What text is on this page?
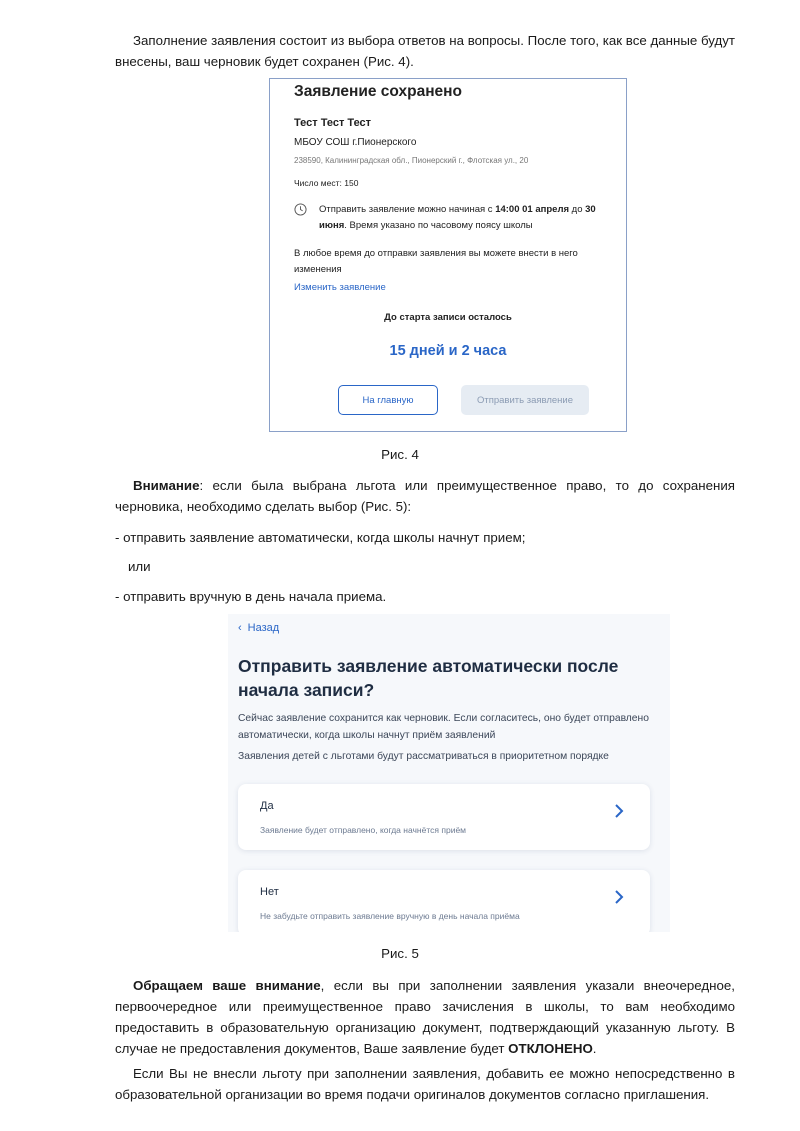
Заполнение заявления состоит из выбора ответов на вопросы. После того, как все данные будут внесены, ваш черновик будет сохранен (Рис. 4).
Заявление сохранено
Тест Тест Тест
МБОУ СОШ г.Пионерского
238590, Калининградская обл., Пионерский г., Флотская ул., 20
Число мест: 150
Отправить заявление можно начиная с 14:00 01 апреля до 30 июня. Время указано по часовому поясу школы
В любое время до отправки заявления вы можете внести в него изменения
Изменить заявление
До старта записи осталось
15 дней и 2 часа
На главную	Отправить заявление
Рис. 4
Внимание: если была выбрана льгота или преимущественное право, то до сохранения черновика, необходимо сделать выбор (Рис. 5):
- отправить заявление автоматически, когда школы начнут прием;
или
- отправить вручную в день начала приема.
‹ Назад
Отправить заявление автоматически после начала записи?
Сейчас заявление сохранится как черновик. Если согласитесь, оно будет отправлено автоматически, когда школы начнут приём заявлений
Заявления детей с льготами будут рассматриваться в приоритетном порядке
Да
Заявление будет отправлено, когда начнётся приём
Нет
Не забудьте отправить заявление вручную в день начала приёма
Рис. 5
Обращаем ваше внимание, если вы при заполнении заявления указали внеочередное, первоочередное или преимущественное право зачисления в школы, то вам необходимо предоставить в образовательную организацию документ, подтверждающий указанную льготу. В случае не предоставления документов, Ваше заявление будет ОТКЛОНЕНО.
Если Вы не внесли льготу при заполнении заявления, добавить ее можно непосредственно в образовательной организации во время подачи оригиналов документов согласно приглашения.
